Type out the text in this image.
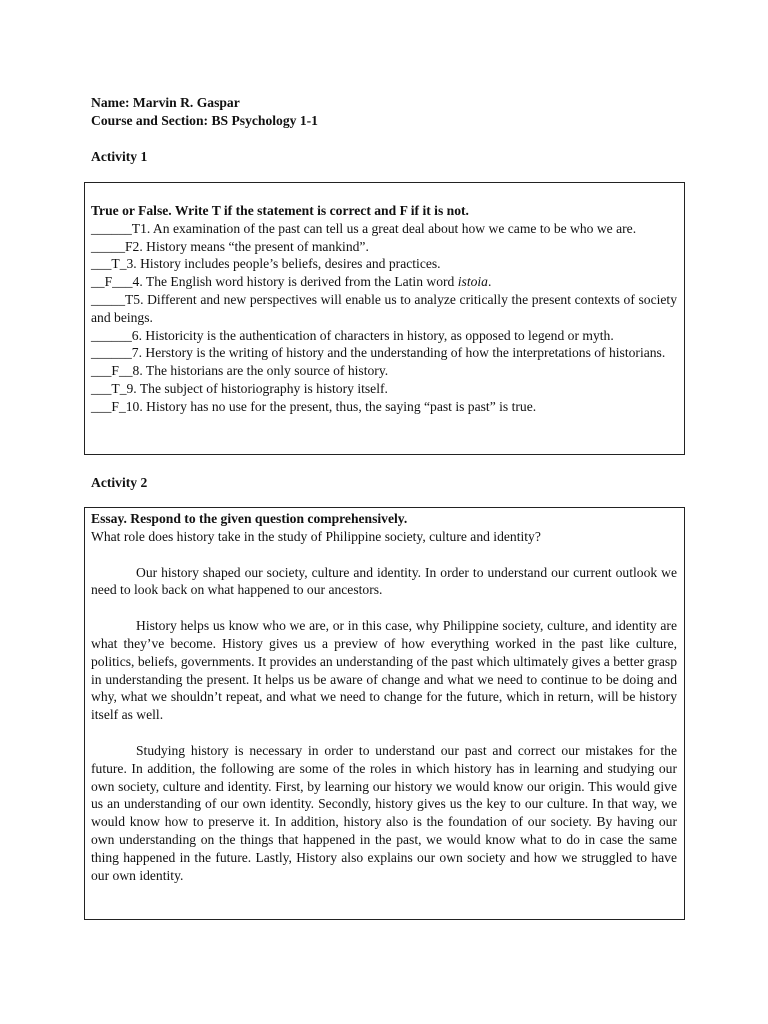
Name: Marvin R. Gaspar
Course and Section: BS Psychology 1-1
Activity 1
True or False. Write T if the statement is correct and F if it is not.
______T1. An examination of the past can tell us a great deal about how we came to be who we are.
_____F2. History means “the present of mankind”.
___T_3. History includes people’s beliefs, desires and practices.
__F___4. The English word history is derived from the Latin word istoia.
_____T5. Different and new perspectives will enable us to analyze critically the present contexts of society and beings.
______6. Historicity is the authentication of characters in history, as opposed to legend or myth.
______7. Herstory is the writing of history and the understanding of how the interpretations of historians.
___F__8. The historians are the only source of history.
___T_9. The subject of historiography is history itself.
___F_10. History has no use for the present, thus, the saying “past is past” is true.
Activity 2
Essay. Respond to the given question comprehensively.
What role does history take in the study of Philippine society, culture and identity?
Our history shaped our society, culture and identity. In order to understand our current outlook we need to look back on what happened to our ancestors.
History helps us know who we are, or in this case, why Philippine society, culture, and identity are what they’ve become. History gives us a preview of how everything worked in the past like culture, politics, beliefs, governments. It provides an understanding of the past which ultimately gives a better grasp in understanding the present. It helps us be aware of change and what we need to continue to be doing and why, what we shouldn’t repeat, and what we need to change for the future, which in return, will be history itself as well.
Studying history is necessary in order to understand our past and correct our mistakes for the future. In addition, the following are some of the roles in which history has in learning and studying our own society, culture and identity. First, by learning our history we would know our origin. This would give us an understanding of our own identity. Secondly, history gives us the key to our culture. In that way, we would know how to preserve it. In addition, history also is the foundation of our society. By having our own understanding on the things that happened in the past, we would know what to do in case the same thing happened in the future. Lastly, History also explains our own society and how we struggled to have our own identity.
